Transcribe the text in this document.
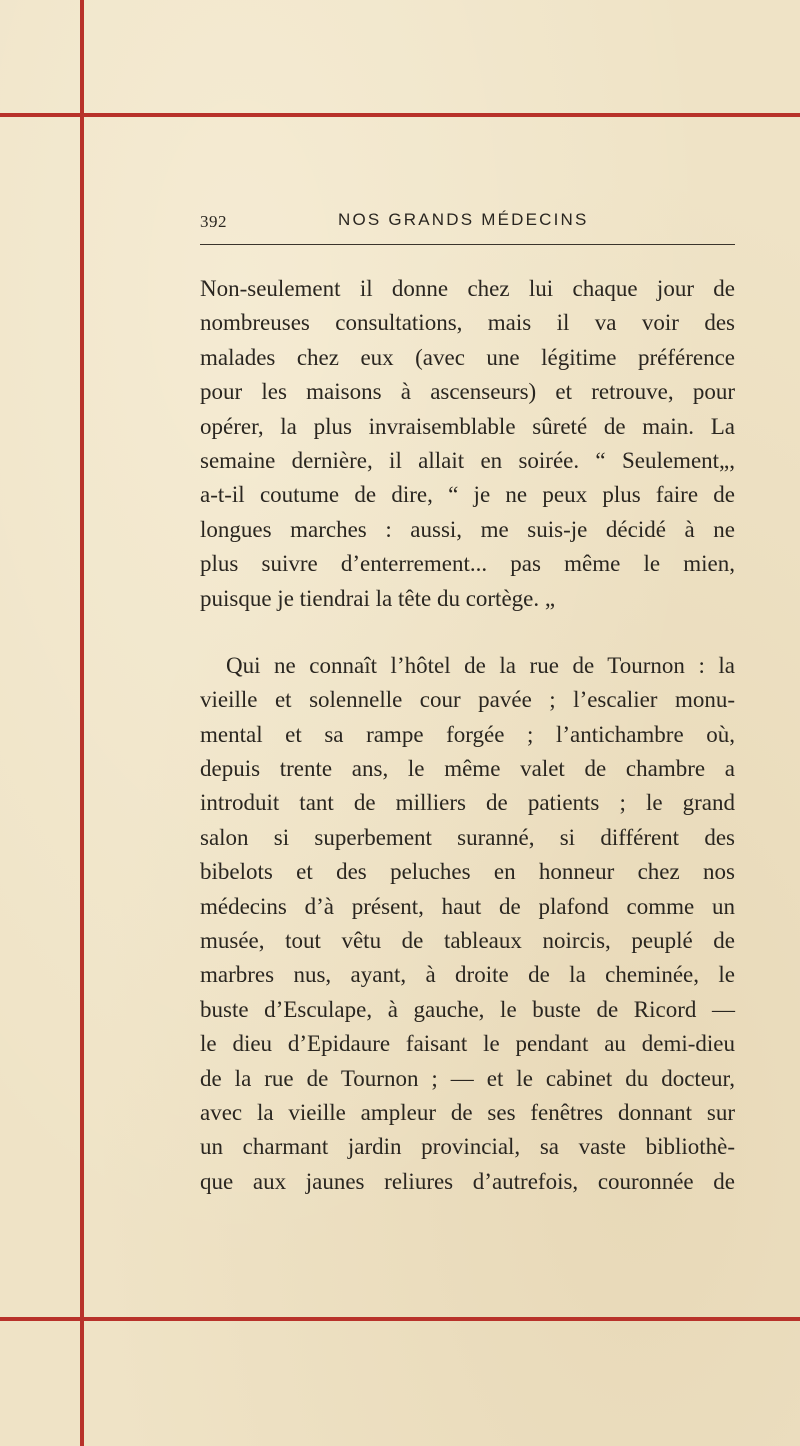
392	NOS GRANDS MÉDECINS
Non-seulement il donne chez lui chaque jour de
nombreuses consultations, mais il va voir des
malades chez eux (avec une légitime préférence
pour les maisons à ascenseurs) et retrouve, pour
opérer, la plus invraisemblable sûreté de main. La
semaine dernière, il allait en soirée. “ Seulement„,
a-t-il coutume de dire, “ je ne peux plus faire de
longues marches : aussi, me suis-je décidé à ne
plus suivre d’enterrement... pas même le mien,
puisque je tiendrai la tête du cortège. „
Qui ne connaît l’hôtel de la rue de Tournon : la
vieille et solennelle cour pavée ; l’escalier monu-
mental et sa rampe forgée ; l’antichambre où,
depuis trente ans, le même valet de chambre a
introduit tant de milliers de patients ; le grand
salon si superbement suranné, si différent des
bibelots et des peluches en honneur chez nos
médecins d’à présent, haut de plafond comme un
musée, tout vêtu de tableaux noircis, peuplé de
marbres nus, ayant, à droite de la cheminée, le
buste d’Esculape, à gauche, le buste de Ricord —
le dieu d’Epidaure faisant le pendant au demi-dieu
de la rue de Tournon ; — et le cabinet du docteur,
avec la vieille ampleur de ses fenêtres donnant sur
un charmant jardin provincial, sa vaste bibliothè-
que aux jaunes reliures d’autrefois, couronnée de
